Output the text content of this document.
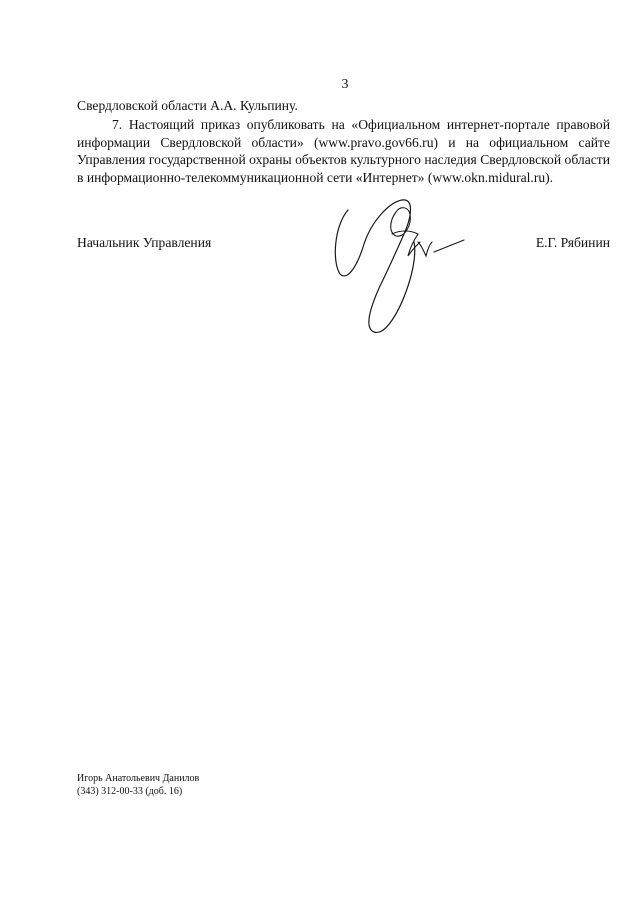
3
Свердловской области А.А. Кульпину.
7. Настоящий приказ опубликовать на «Официальном интернет-портале правовой информации Свердловской области» (www.pravo.gov66.ru) и на официальном сайте Управления государственной охраны объектов культурного наследия Свердловской области в информационно-телекоммуникационной сети «Интернет» (www.okn.midural.ru).
Начальник Управления	Е.Г. Рябинин
Игорь Анатольевич Данилов
(343) 312-00-33 (доб. 16)
